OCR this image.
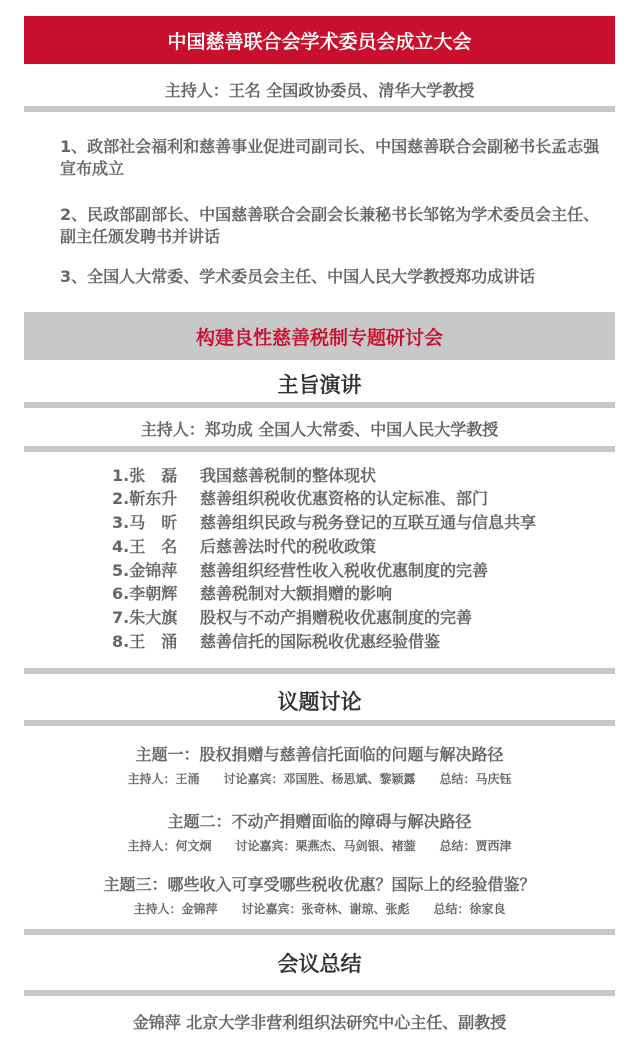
中国慈善联合会学术委员会成立大会
主持人：王名 全国政协委员、清华大学教授
1、政部社会福利和慈善事业促进司副司长、中国慈善联合会副秘书长孟志强宣布成立
2、民政部副部长、中国慈善联合会副会长兼秘书长邹铭为学术委员会主任、副主任颁发聘书并讲话
3、全国人大常委、学术委员会主任、中国人民大学教授郑功成讲话
构建良性慈善税制专题研讨会
主旨演讲
主持人：郑功成 全国人大常委、中国人民大学教授
1.张　磊 我国慈善税制的整体现状
2.靳东升 慈善组织税收优惠资格的认定标准、部门
3.马　昕 慈善组织民政与税务登记的互联互通与信息共享
4.王　名 后慈善法时代的税收政策
5.金锦萍 慈善组织经营性收入税收优惠制度的完善
6.李朝辉 慈善税制对大额捐赠的影响
7.朱大旗 股权与不动产捐赠税收优惠制度的完善
8.王　涌 慈善信托的国际税收优惠经验借鉴
议题讨论
主题一：股权捐赠与慈善信托面临的问题与解决路径
主持人：王涌　　讨论嘉宾：邓国胜、杨思斌、黎颖露　　总结：马庆钰
主题二：不动产捐赠面临的障碍与解决路径
主持人：何文炯　　讨论嘉宾：栗燕杰、马剑银、褚蓥　　总结：贾西津
主题三：哪些收入可享受哪些税收优惠？国际上的经验借鉴？
主持人：金锦萍　　讨论嘉宾：张奇林、谢琼、张彪　　总结：徐家良
会议总结
金锦萍 北京大学非营利组织法研究中心主任、副教授
